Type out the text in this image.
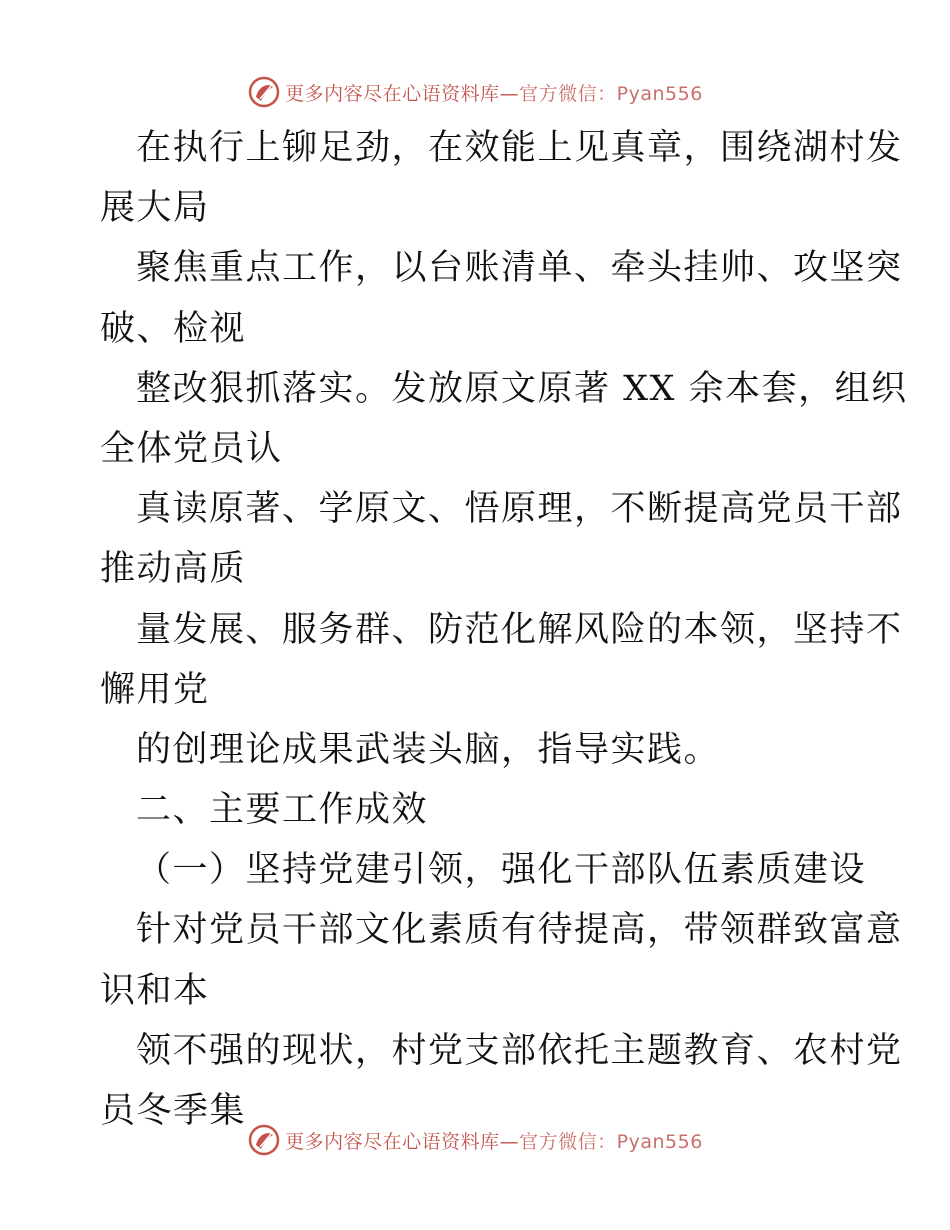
更多内容尽在心语资料库—官方微信：Pyan556
在执行上铆足劲，在效能上见真章，围绕湖村发
展大局
聚焦重点工作，以台账清单、牵头挂帅、攻坚突
破、检视
整改狠抓落实。发放原文原著 XX 余本套，组织
全体党员认
真读原著、学原文、悟原理，不断提高党员干部
推动高质
量发展、服务群、防范化解风险的本领，坚持不
懈用党
的创理论成果武装头脑，指导实践。
二、主要工作成效
（一）坚持党建引领，强化干部队伍素质建设
针对党员干部文化素质有待提高，带领群致富意
识和本
领不强的现状，村党支部依托主题教育、农村党
员冬季集
更多内容尽在心语资料库—官方微信：Pyan556
